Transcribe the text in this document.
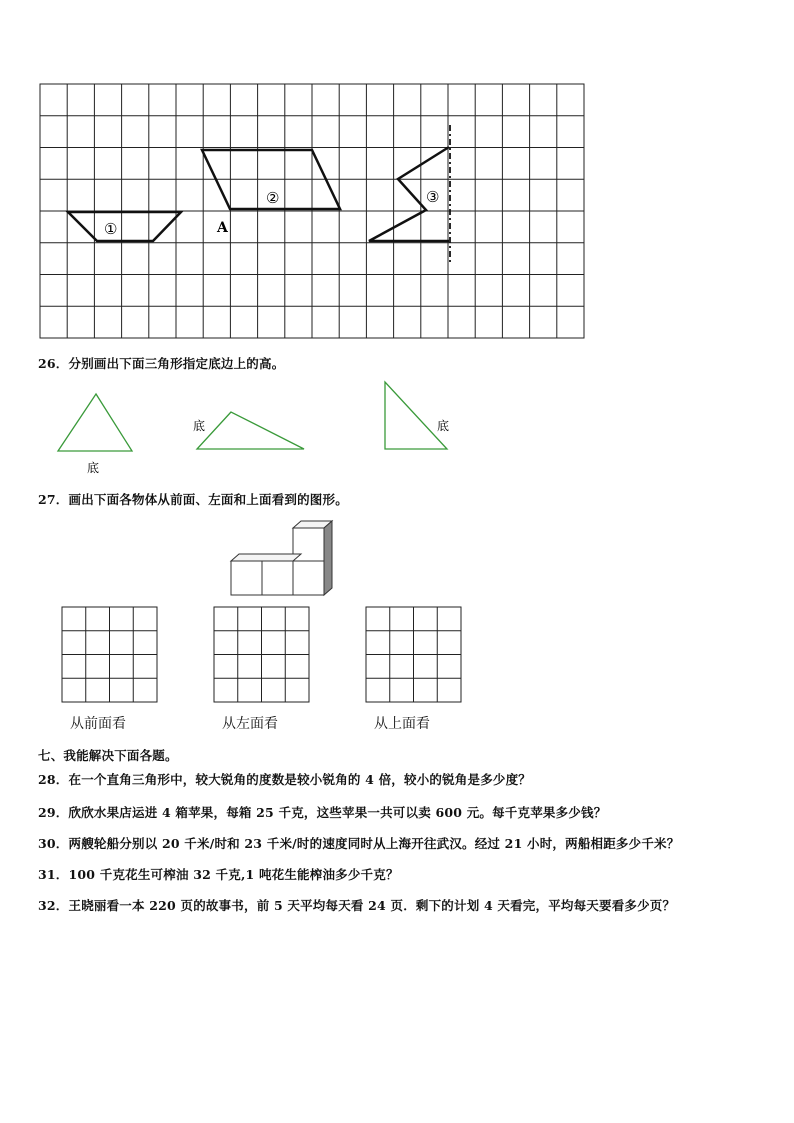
①
②	③
A
26．分别画出下面三角形指定底边上的高。
底
底	底
27．画出下面各物体从前面、左面和上面看到的图形。
从前面看	从左面看	从上面看
七、我能解决下面各题。
28．在一个直角三角形中，较大锐角的度数是较小锐角的 4 倍，较小的锐角是多少度？
29．欣欣水果店运进 4 箱苹果，每箱 25 千克，这些苹果一共可以卖 600 元。每千克苹果多少钱？
30．两艘轮船分别以 20 千米/时和 23 千米/时的速度同时从上海开往武汉。经过 21 小时，两船相距多少千米？
31．100 千克花生可榨油 32 千克,1 吨花生能榨油多少千克？
32．王晓丽看一本 220 页的故事书，前 5 天平均每天看 24 页．剩下的计划 4 天看完，平均每天要看多少页？
